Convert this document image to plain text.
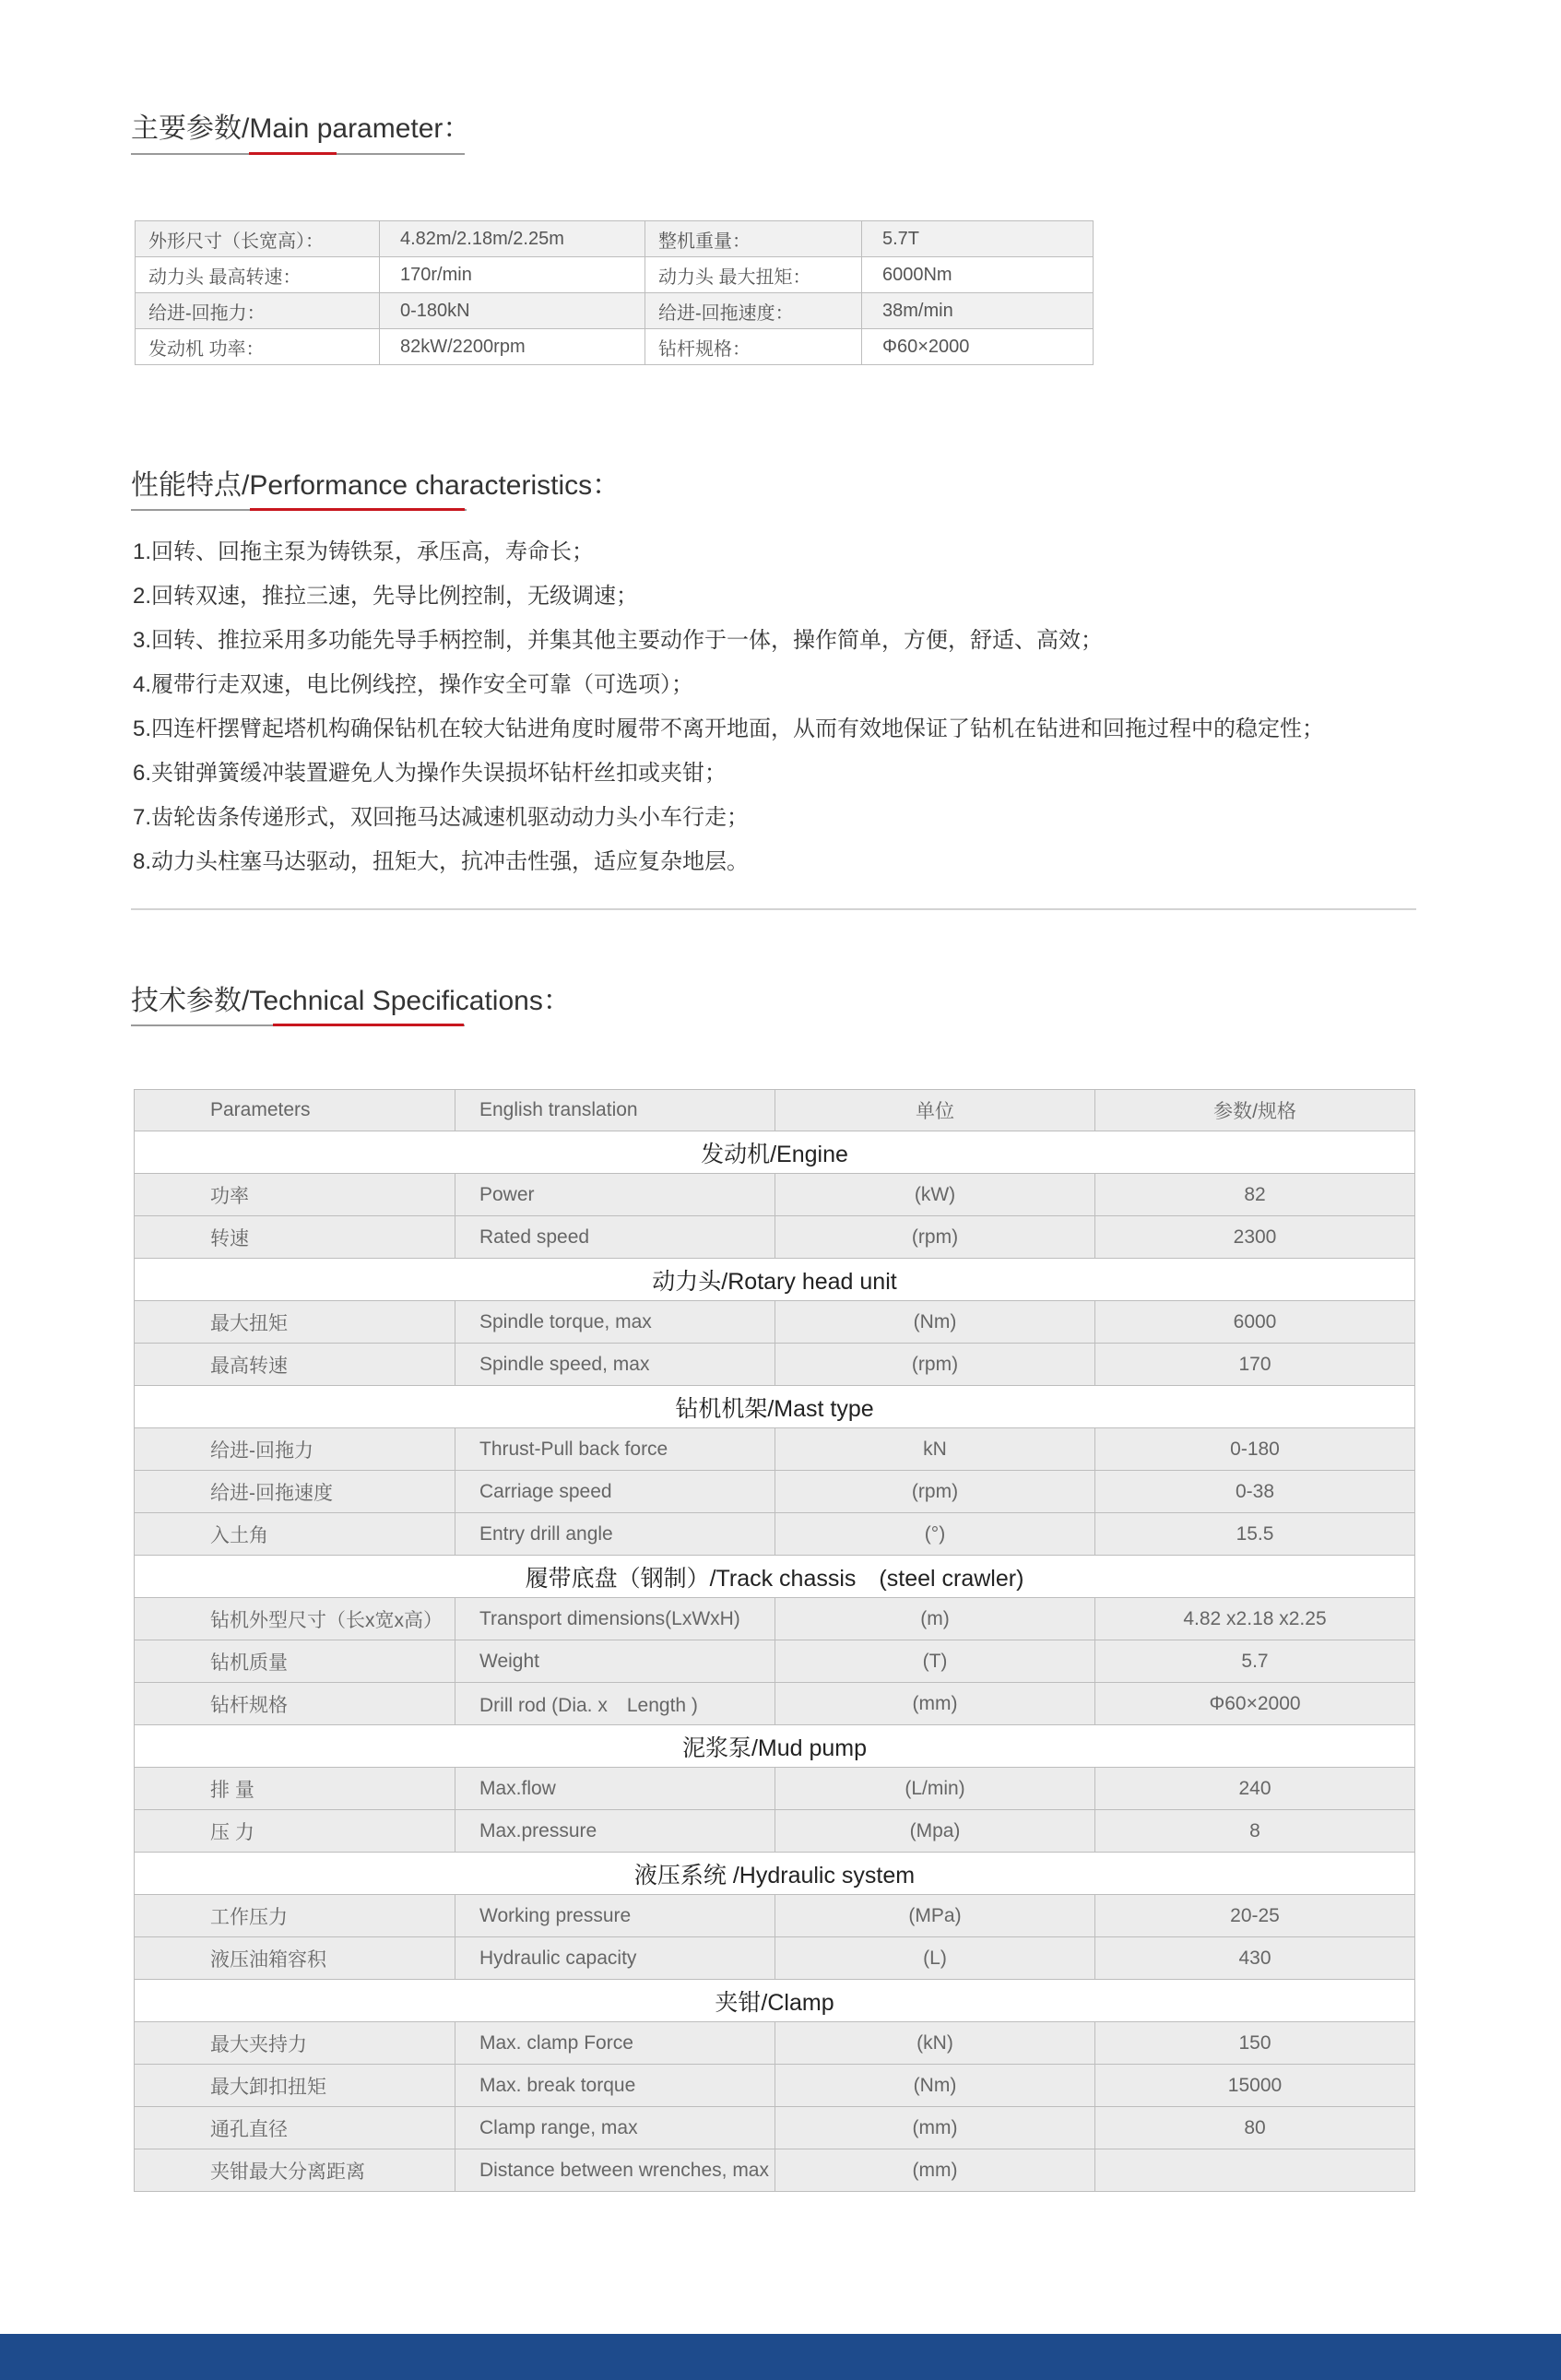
主要参数/Main parameter：
外形尺寸（长宽高）：	4.82m/2.18m/2.25m	整机重量：	5.7T
动力头 最高转速：	170r/min	动力头 最大扭矩：	6000Nm
给进-回拖力：	0-180kN	给进-回拖速度：	38m/min
发动机 功率：	82kW/2200rpm	钻杆规格：	Φ60×2000
性能特点/Performance characteristics：
1.回转、回拖主泵为铸铁泵，承压高，寿命长；
2.回转双速，推拉三速，先导比例控制，无级调速；
3.回转、推拉采用多功能先导手柄控制，并集其他主要动作于一体，操作简单，方便，舒适、高效；
4.履带行走双速，电比例线控，操作安全可靠（可选项）；
5.四连杆摆臂起塔机构确保钻机在较大钻进角度时履带不离开地面，从而有效地保证了钻机在钻进和回拖过程中的稳定性；
6.夹钳弹簧缓冲装置避免人为操作失误损坏钻杆丝扣或夹钳；
7.齿轮齿条传递形式，双回拖马达减速机驱动动力头小车行走；
8.动力头柱塞马达驱动，扭矩大，抗冲击性强，适应复杂地层。
技术参数/Technical Specifications：
Parameters	English translation	单位	参数/规格
发动机/Engine			
功率	Power	(kW)	82
转速	Rated speed	(rpm)	2300
动力头/Rotary head unit			
最大扭矩	Spindle torque, max	(Nm)	6000
最高转速	Spindle speed, max	(rpm)	170
钻机机架/Mast type			
给进-回拖力	Thrust-Pull back force	kN	0-180
给进-回拖速度	Carriage speed	(rpm)	0-38
入土角	Entry drill angle	(°)	15.5
履带底盘（钢制）/Track chassis　(steel crawler)			
钻机外型尺寸（长x宽x高）	Transport dimensions(LxWxH)	(m)	4.82 x2.18 x2.25
钻机质量	Weight	(T)	5.7
钻杆规格	Drill rod (Dia. x　Length )	(mm)	Φ60×2000
泥浆泵/Mud pump			
排 量	Max.flow	(L/min)	240
压 力	Max.pressure	(Mpa)	8
液压系统 /Hydraulic system			
工作压力	Working pressure	(MPa)	20-25
液压油箱容积	Hydraulic capacity	(L)	430
夹钳/Clamp			
最大夹持力	Max. clamp Force	(kN)	150
最大卸扣扭矩	Max. break torque	(Nm)	15000
通孔直径	Clamp range, max	(mm)	80
夹钳最大分离距离	Distance between wrenches, max	(mm)	
